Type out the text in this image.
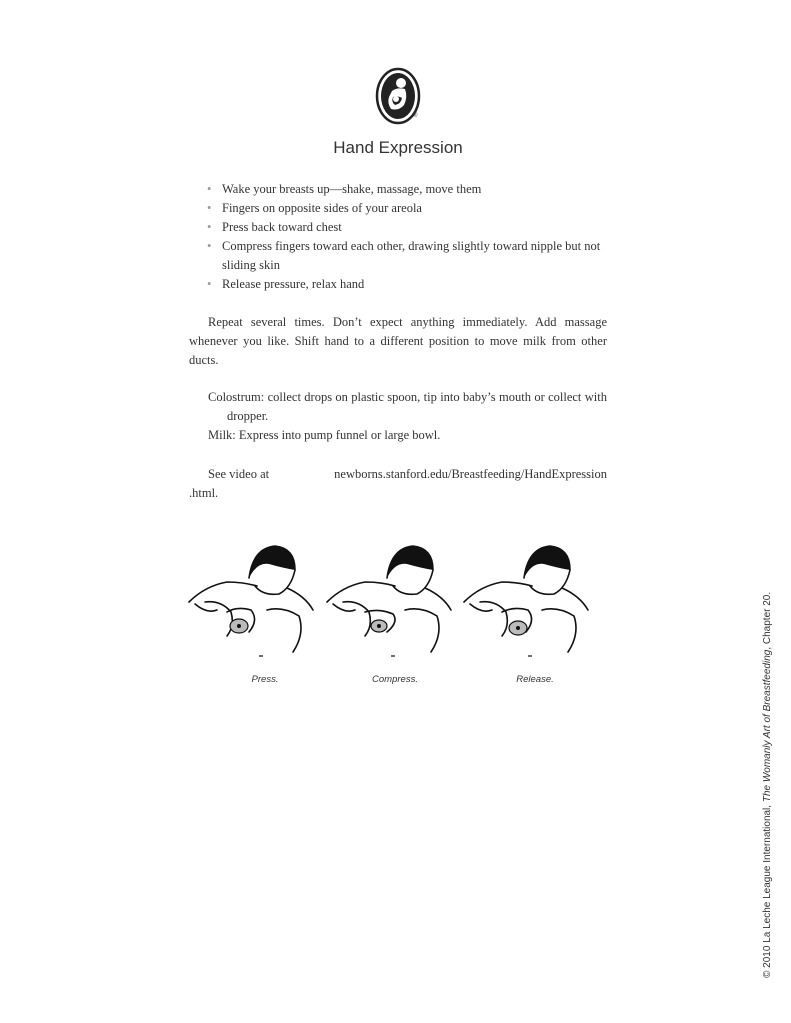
®
Hand Expression
• Wake your breasts up—shake, massage, move them
• Fingers on opposite sides of your areola
• Press back toward chest
• Compress fingers toward each other, drawing slightly toward nipple but not sliding skin
• Release pressure, relax hand

Repeat several times. Don’t expect anything immediately. Add massage whenever you like. Shift hand to a different position to move milk from other ducts.

Colostrum: collect drops on plastic spoon, tip into baby’s mouth or collect with dropper.

Milk: Express into pump funnel or large bowl.

See video at	newborns.stanford.edu/Breastfeeding/HandExpression
.html.
Press.	Compress.	Release.
© 2010 La Leche League International, The Womanly Art of Breastfeeding, Chapter 20.
